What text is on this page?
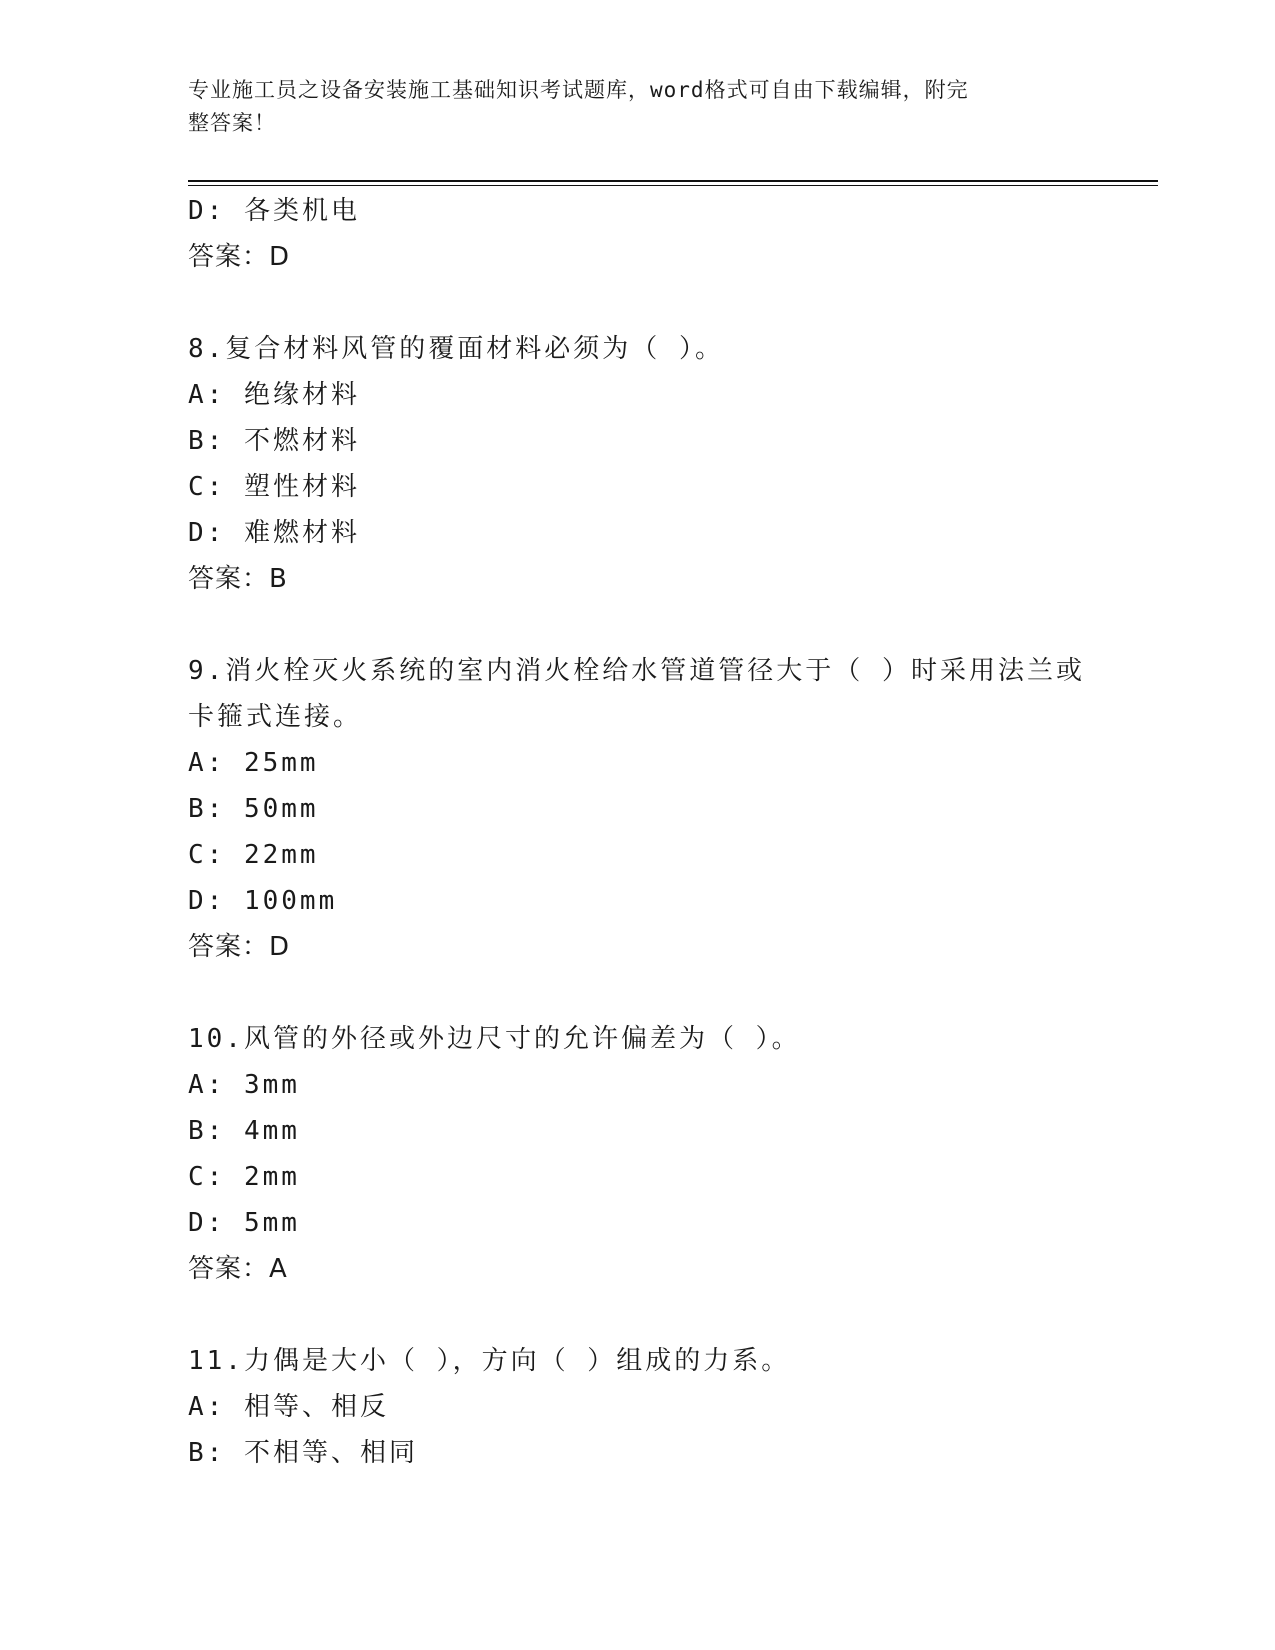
专业施工员之设备安装施工基础知识考试题库，word格式可自由下载编辑，附完
整答案！
D: 各类机电
答案：D
8.复合材料风管的覆面材料必须为（ ）。
A: 绝缘材料
B: 不燃材料
C: 塑性材料
D: 难燃材料
答案：B
9.消火栓灭火系统的室内消火栓给水管道管径大于（ ）时采用法兰或
卡箍式连接。
A: 25mm
B: 50mm
C: 22mm
D: 100mm
答案：D
10.风管的外径或外边尺寸的允许偏差为（ ）。
A: 3mm
B: 4mm
C: 2mm
D: 5mm
答案：A
11.力偶是大小（ ），方向（ ）组成的力系。
A: 相等、相反
B: 不相等、相同
